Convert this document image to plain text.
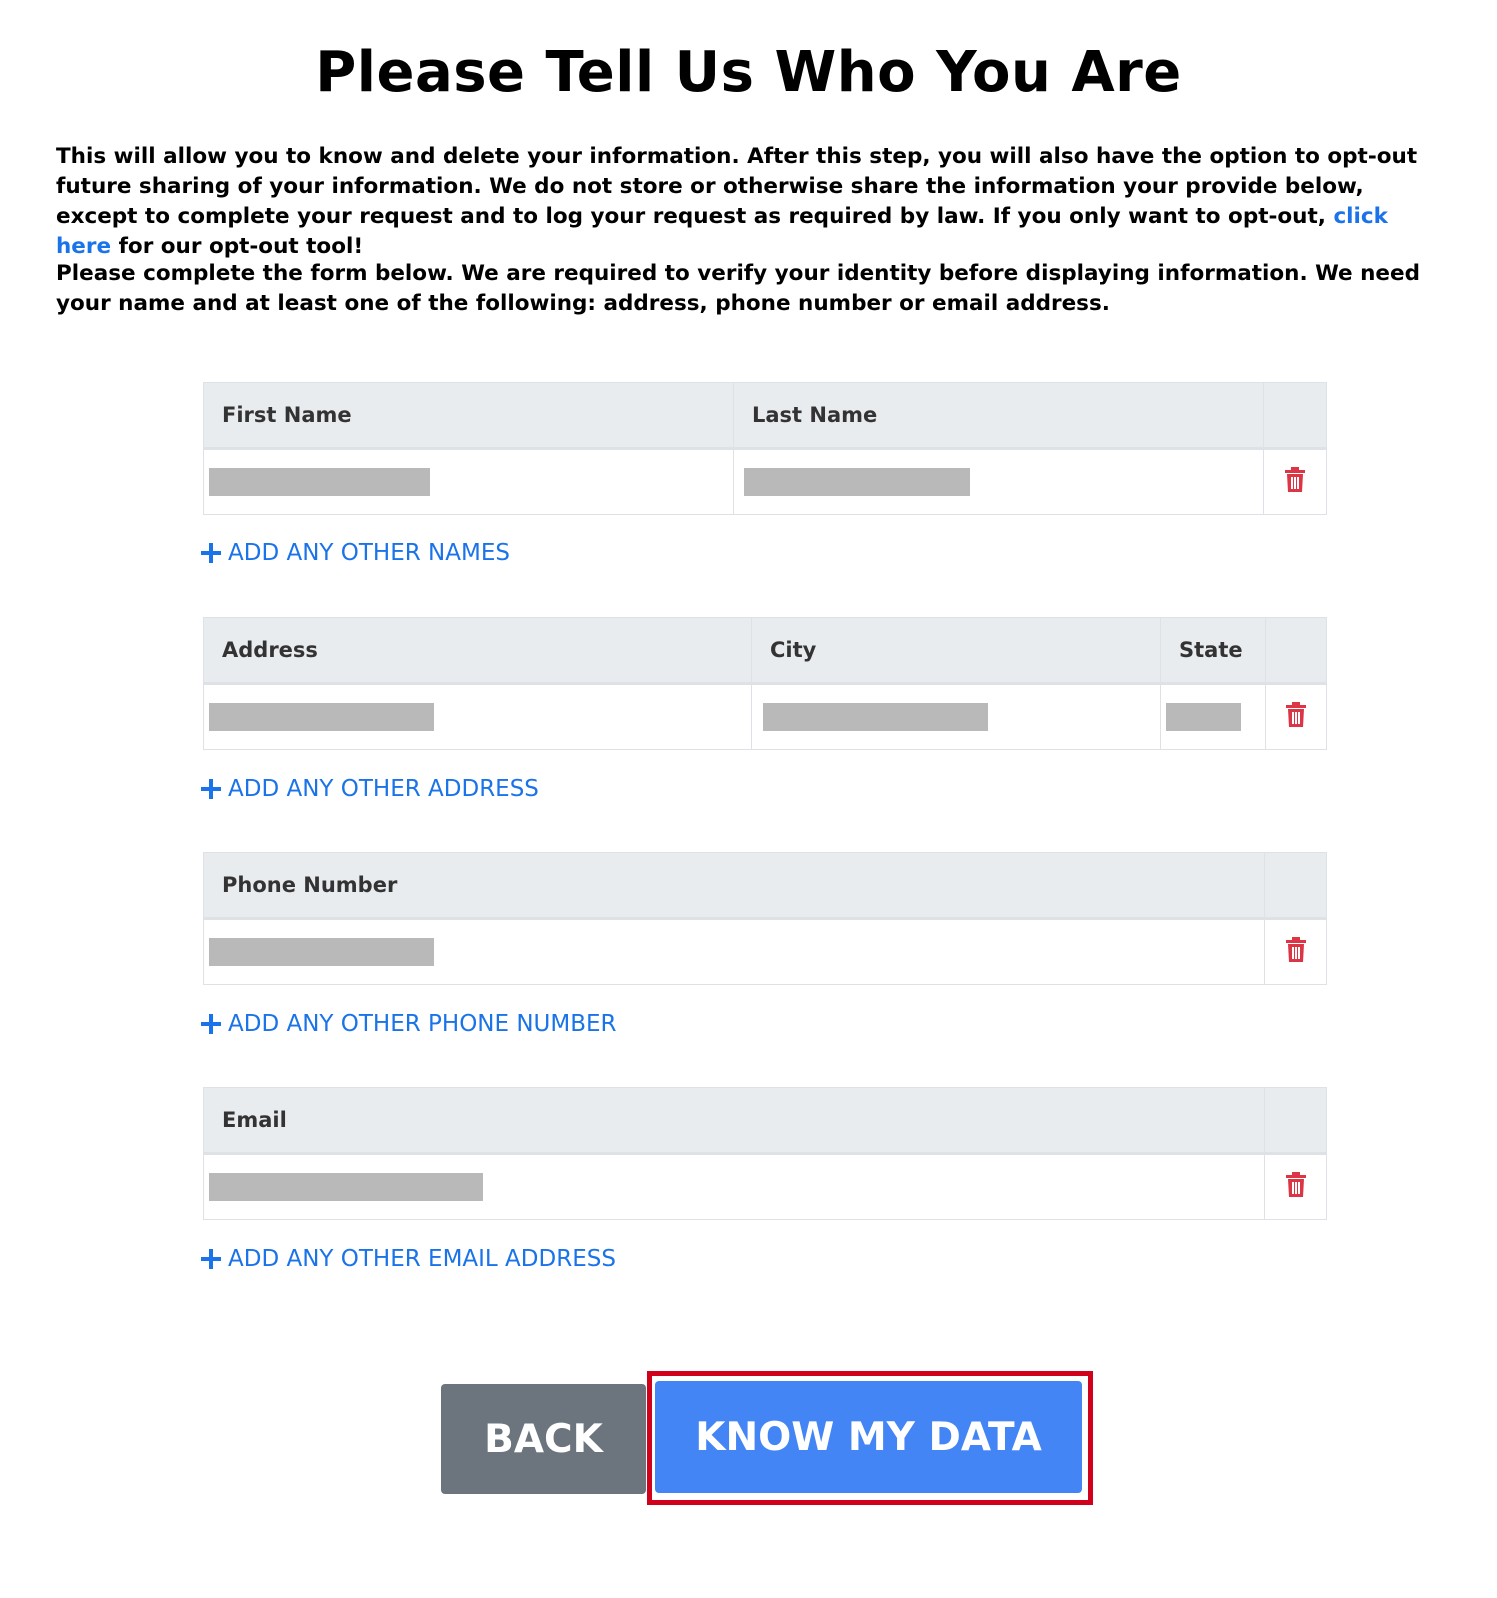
Please Tell Us Who You Are
This will allow you to know and delete your information. After this step, you will also have the option to opt-out future sharing of your information. We do not store or otherwise share the information your provide below, except to complete your request and to log your request as required by law. If you only want to opt-out, click here for our opt-out tool!
Please complete the form below. We are required to verify your identity before displaying information. We need your name and at least one of the following: address, phone number or email address.
First Name	Last Name	

ADD ANY OTHER NAMES
Address	City	State	

ADD ANY OTHER ADDRESS
Phone Number	

ADD ANY OTHER PHONE NUMBER
Email	

ADD ANY OTHER EMAIL ADDRESS
BACK	KNOW MY DATA
